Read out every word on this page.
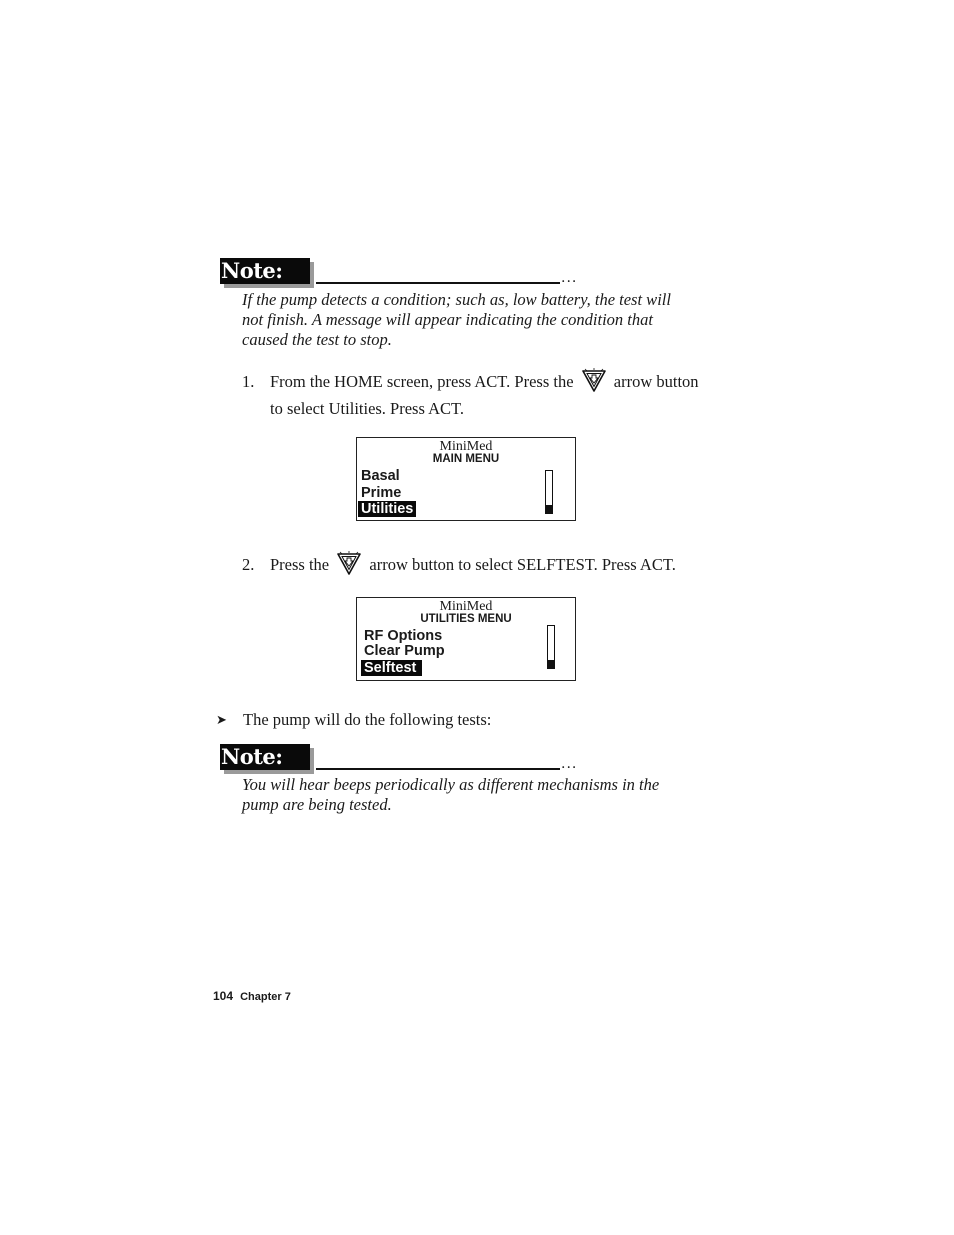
Note:	...
If the pump detects a condition; such as, low battery, the test will
not finish. A message will appear indicating the condition that
caused the test to stop.
1. From the HOME screen, press ACT. Press the arrow button
to select Utilities. Press ACT.
MiniMed
MAIN MENU
Basal
Prime
Utilities
2. Press the arrow button to select SELFTEST. Press ACT.
MiniMed
UTILITIES MENU
RF Options
Clear Pump
Selftest
➤ The pump will do the following tests:
Note:	...
You will hear beeps periodically as different mechanisms in the
pump are being tested.
104 Chapter 7
